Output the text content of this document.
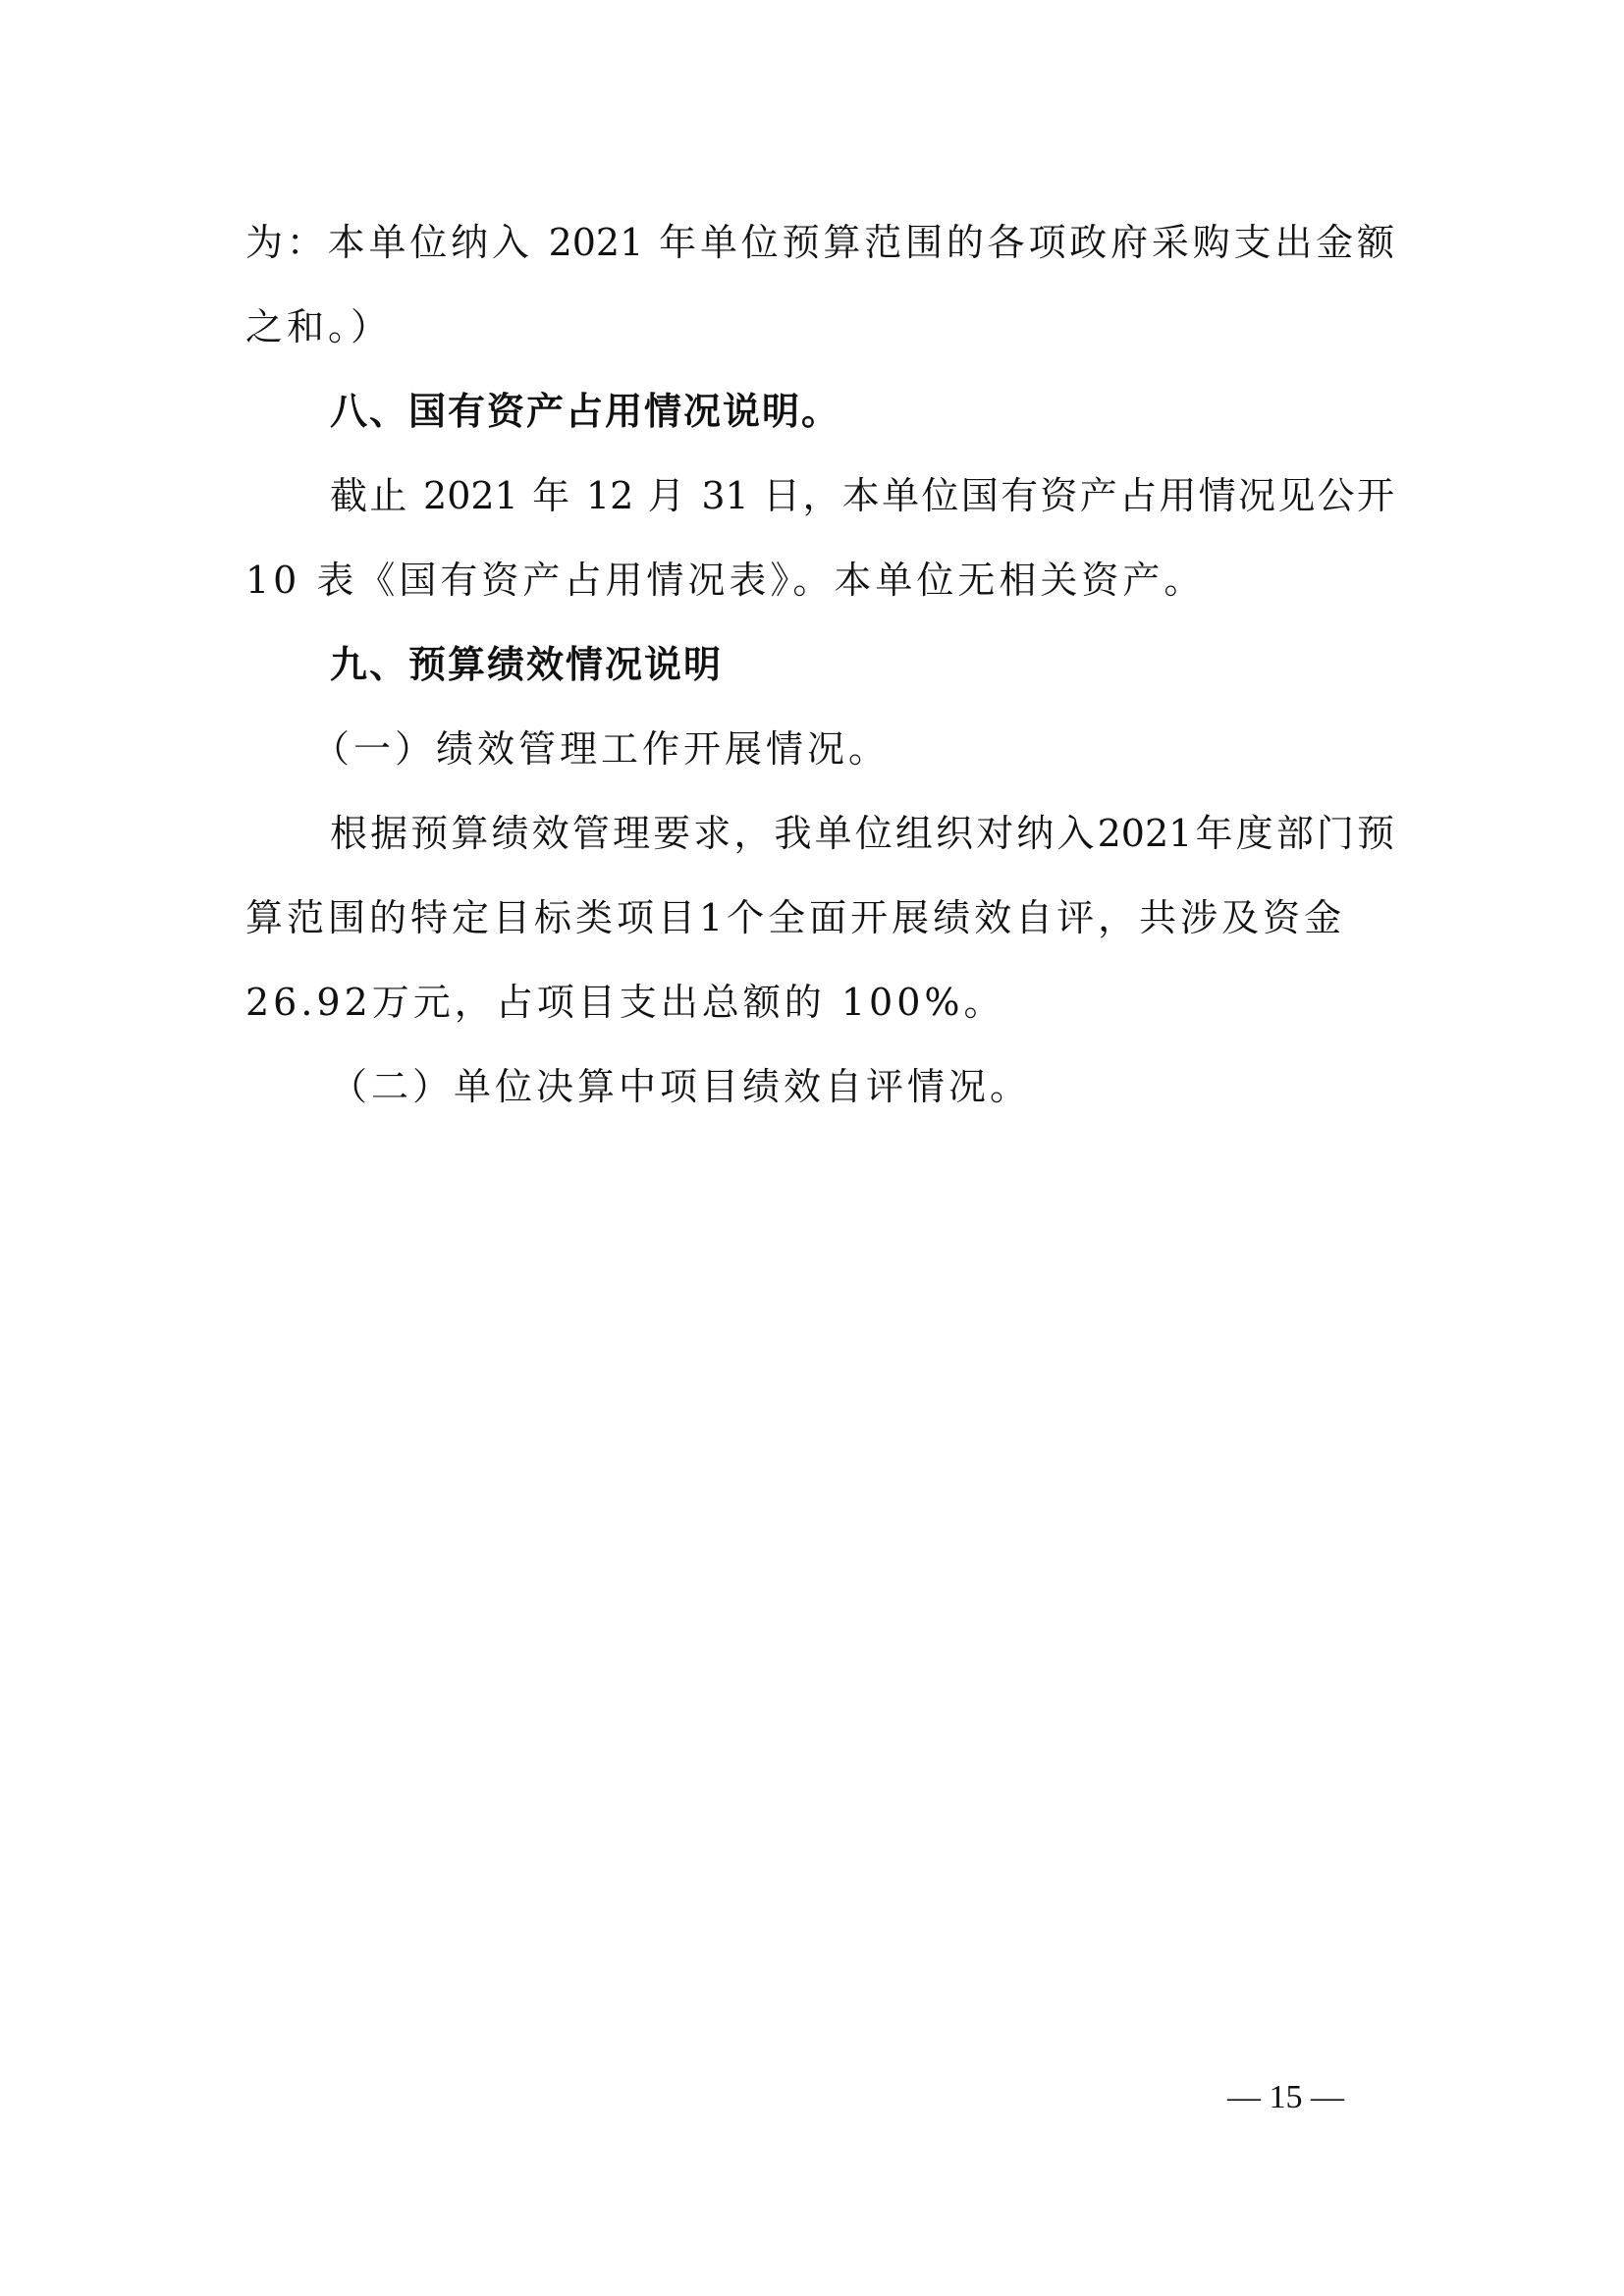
为：本单位纳入 2021 年单位预算范围的各项政府采购支出金额
之和。）
八、国有资产占用情况说明。
截止 2021 年 12 月 31 日，本单位国有资产占用情况见公开
10 表《国有资产占用情况表》。本单位无相关资产。
九、预算绩效情况说明
（一）绩效管理工作开展情况。
根据预算绩效管理要求，我单位组织对纳入2021年度部门预
算范围的特定目标类项目1个全面开展绩效自评，共涉及资金
26.92万元，占项目支出总额的 100%。
（二）单位决算中项目绩效自评情况。
— 15 —
